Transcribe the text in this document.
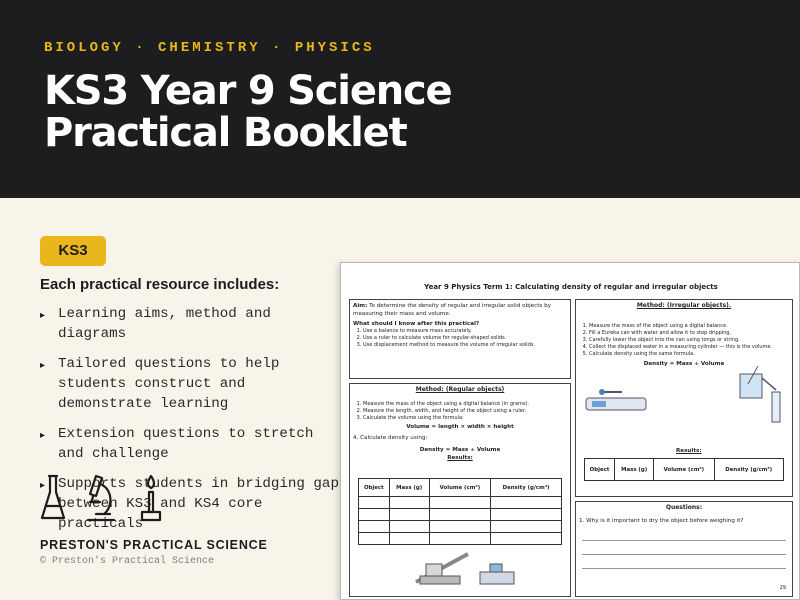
BIOLOGY · CHEMISTRY · PHYSICS
KS3 Year 9 Science
Practical Booklet
KS3
Each practical resource includes:
▸ Learning aims, method and diagrams
▸ Tailored questions to help students construct and demonstrate learning
▸ Extension questions to stretch and challenge
▸ Supports students in bridging gap between KS3 and KS4 core practicals
PRESTON'S PRACTICAL SCIENCE
© Preston's Practical Science
Year 9 Physics Term 1: Calculating density of regular and irregular objects
Aim: To determine the density of regular and irregular solid objects by measuring their mass and volume.
What should I know after this practical?
1. Use a balance to measure mass accurately.
2. Use a ruler to calculate volume for regular-shaped solids.
3. Use displacement method to measure the volume of irregular solids.
Method: (Regular objects)
1. Measure the mass of the object using a digital balance (in grams).
2. Measure the length, width, and height of the object using a ruler.
3. Calculate the volume using the formula:
Volume = length × width × height
4. Calculate density using:
Density = Mass ÷ Volume
Results:
Object	Mass (g)	Volume (cm³)	Density (g/cm³)

Method: (Irregular objects).
1. Measure the mass of the object using a digital balance.
2. Fill a Eureka can with water and allow it to stop dripping.
3. Carefully lower the object into the can using tongs or string.
4. Collect the displaced water in a measuring cylinder — this is the volume.
5. Calculate density using the same formula.
Density = Mass ÷ Volume
Results:
Object	Mass (g)	Volume (cm³)	Density (g/cm³)
Questions:
1. Why is it important to dry the object before weighing it?
29
